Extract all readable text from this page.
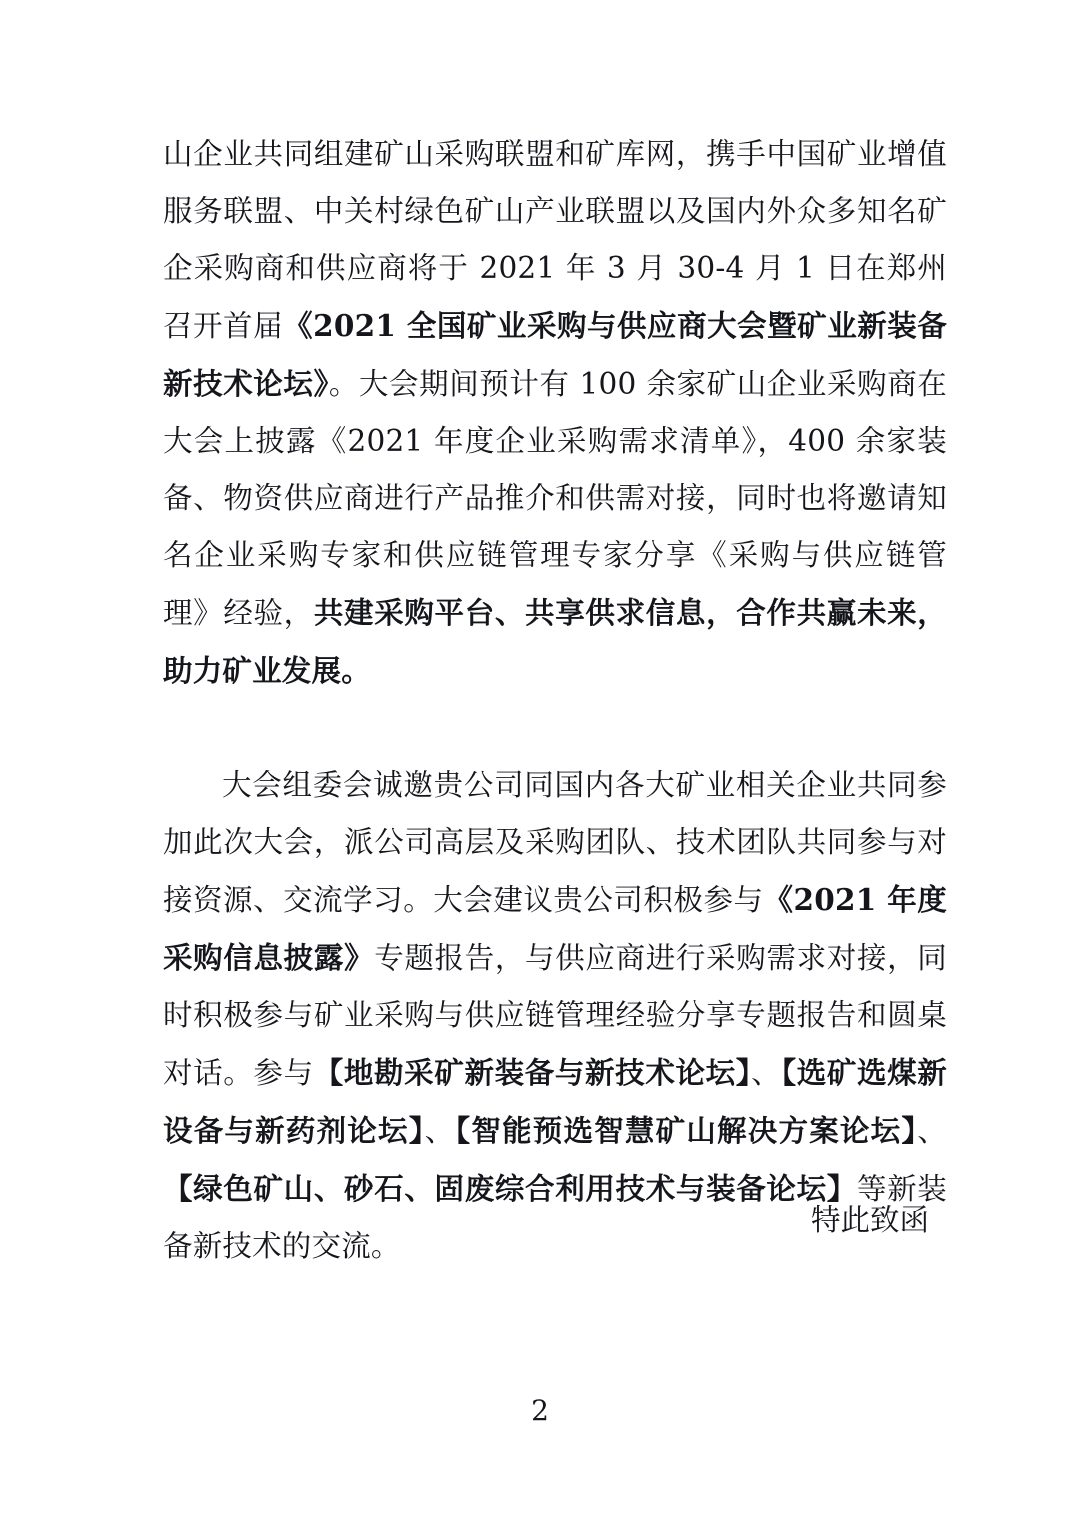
山企业共同组建矿山采购联盟和矿库网，携手中国矿业增值服务联盟、中关村绿色矿山产业联盟以及国内外众多知名矿企采购商和供应商将于 2021 年 3 月 30-4 月 1 日在郑州召开首届《2021 全国矿业采购与供应商大会暨矿业新装备新技术论坛》。大会期间预计有 100 余家矿山企业采购商在大会上披露《2021 年度企业采购需求清单》，400 余家装备、物资供应商进行产品推介和供需对接，同时也将邀请知名企业采购专家和供应链管理专家分享《采购与供应链管理》经验，共建采购平台、共享供求信息，合作共赢未来，助力矿业发展。

大会组委会诚邀贵公司同国内各大矿业相关企业共同参加此次大会，派公司高层及采购团队、技术团队共同参与对接资源、交流学习。大会建议贵公司积极参与《2021 年度采购信息披露》专题报告，与供应商进行采购需求对接，同时积极参与矿业采购与供应链管理经验分享专题报告和圆桌对话。参与【地勘采矿新装备与新技术论坛】、【选矿选煤新设备与新药剂论坛】、【智能预选智慧矿山解决方案论坛】、【绿色矿山、砂石、固废综合利用技术与装备论坛】等新装备新技术的交流。

特此致函
2
